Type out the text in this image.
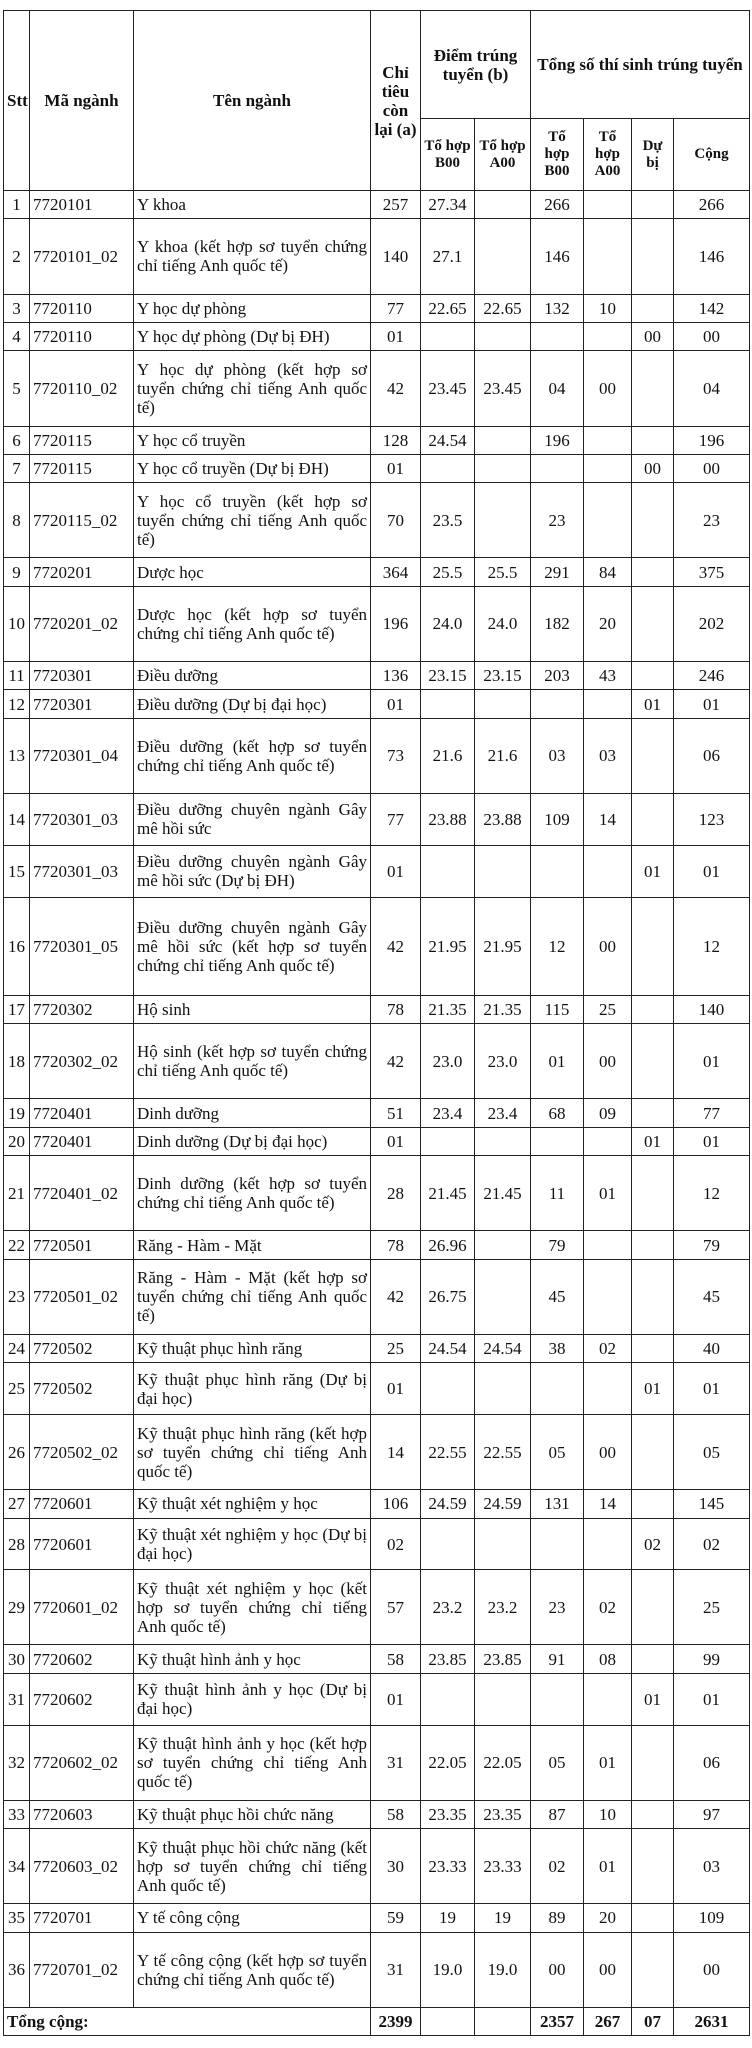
Stt	Mã ngành	Tên ngành	Chỉ tiêu còn lại (a)	Điểm trúng tuyển (b)		Tổng số thí sinh trúng tuyển			
				Tổ hợp B00	Tổ hợp A00	Tổ hợp B00	Tổ hợp A00	Dự bị	Cộng
1	7720101	Y khoa	257	27.34		266			266
2	7720101_02	Y khoa (kết hợp sơ tuyển chứng chỉ tiếng Anh quốc tế)	140	27.1		146			146
3	7720110	Y học dự phòng	77	22.65	22.65	132	10		142
4	7720110	Y học dự phòng (Dự bị ĐH)	01					00	00
5	7720110_02	Y học dự phòng (kết hợp sơ tuyển chứng chỉ tiếng Anh quốc tế)	42	23.45	23.45	04	00		04
6	7720115	Y học cổ truyền	128	24.54		196			196
7	7720115	Y học cổ truyền (Dự bị ĐH)	01					00	00
8	7720115_02	Y học cổ truyền (kết hợp sơ tuyển chứng chỉ tiếng Anh quốc tế)	70	23.5		23			23
9	7720201	Dược học	364	25.5	25.5	291	84		375
10	7720201_02	Dược học (kết hợp sơ tuyển chứng chỉ tiếng Anh quốc tế)	196	24.0	24.0	182	20		202
11	7720301	Điều dưỡng	136	23.15	23.15	203	43		246
12	7720301	Điều dưỡng (Dự bị đại học)	01					01	01
13	7720301_04	Điều dưỡng (kết hợp sơ tuyển chứng chỉ tiếng Anh quốc tế)	73	21.6	21.6	03	03		06
14	7720301_03	Điều dưỡng chuyên ngành Gây mê hồi sức	77	23.88	23.88	109	14		123
15	7720301_03	Điều dưỡng chuyên ngành Gây mê hồi sức (Dự bị ĐH)	01					01	01
16	7720301_05	Điều dưỡng chuyên ngành Gây mê hồi sức (kết hợp sơ tuyển chứng chỉ tiếng Anh quốc tế)	42	21.95	21.95	12	00		12
17	7720302	Hộ sinh	78	21.35	21.35	115	25		140
18	7720302_02	Hộ sinh (kết hợp sơ tuyển chứng chỉ tiếng Anh quốc tế)	42	23.0	23.0	01	00		01
19	7720401	Dinh dưỡng	51	23.4	23.4	68	09		77
20	7720401	Dinh dưỡng (Dự bị đại học)	01					01	01
21	7720401_02	Dinh dưỡng (kết hợp sơ tuyển chứng chỉ tiếng Anh quốc tế)	28	21.45	21.45	11	01		12
22	7720501	Răng - Hàm - Mặt	78	26.96		79			79
23	7720501_02	Răng - Hàm - Mặt (kết hợp sơ tuyển chứng chỉ tiếng Anh quốc tế)	42	26.75		45			45
24	7720502	Kỹ thuật phục hình răng	25	24.54	24.54	38	02		40
25	7720502	Kỹ thuật phục hình răng (Dự bị đại học)	01					01	01
26	7720502_02	Kỹ thuật phục hình răng (kết hợp sơ tuyển chứng chỉ tiếng Anh quốc tế)	14	22.55	22.55	05	00		05
27	7720601	Kỹ thuật xét nghiệm y học	106	24.59	24.59	131	14		145
28	7720601	Kỹ thuật xét nghiệm y học (Dự bị đại học)	02					02	02
29	7720601_02	Kỹ thuật xét nghiệm y học (kết hợp sơ tuyển chứng chỉ tiếng Anh quốc tế)	57	23.2	23.2	23	02		25
30	7720602	Kỹ thuật hình ảnh y học	58	23.85	23.85	91	08		99
31	7720602	Kỹ thuật hình ảnh y học (Dự bị đại học)	01					01	01
32	7720602_02	Kỹ thuật hình ảnh y học (kết hợp sơ tuyển chứng chỉ tiếng Anh quốc tế)	31	22.05	22.05	05	01		06
33	7720603	Kỹ thuật phục hồi chức năng	58	23.35	23.35	87	10		97
34	7720603_02	Kỹ thuật phục hồi chức năng (kết hợp sơ tuyển chứng chỉ tiếng Anh quốc tế)	30	23.33	23.33	02	01		03
35	7720701	Y tế công cộng	59	19	19	89	20		109
36	7720701_02	Y tế công cộng (kết hợp sơ tuyển chứng chỉ tiếng Anh quốc tế)	31	19.0	19.0	00	00		00
Tổng cộng:			2399			2357	267	07	2631
